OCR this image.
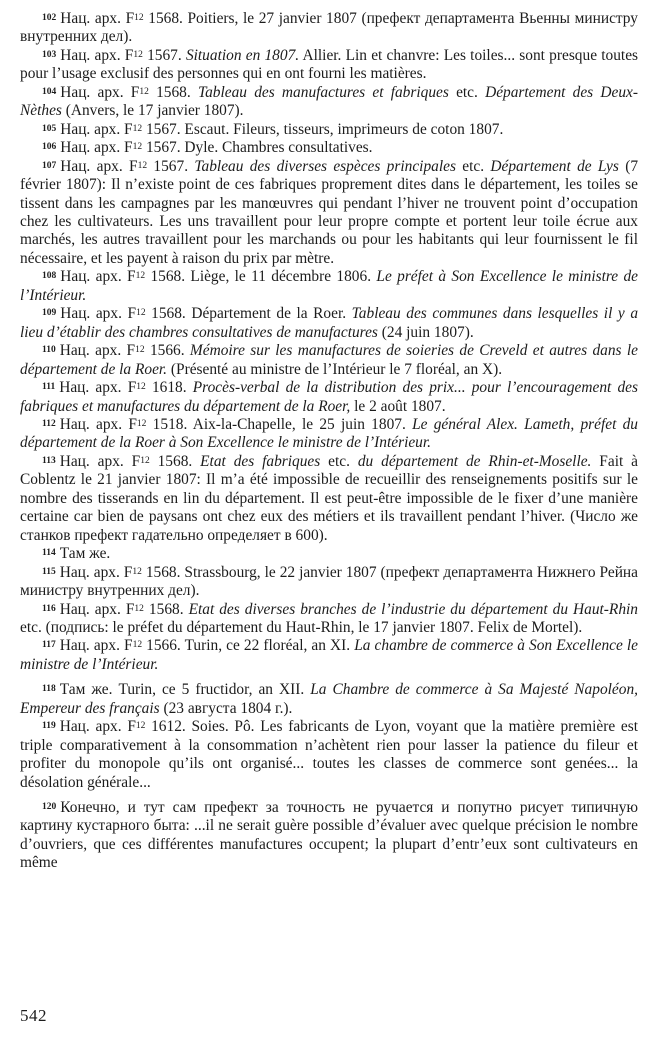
$^{102}$ Нац. арх. $F^{12}$ 1568. Poitiers, le 27 janvier 1807 (префект департамента Вьенны министру внутренних дел).

$^{103}$ Нац. арх. $F^{12}$ 1567. Situation en 1807. Allier. Lin et chanvre: Les toiles... sont presque toutes pour l’usage exclusif des personnes qui en ont fourni les matières.

$^{104}$ Нац. арх. $F^{12}$ 1568. Tableau des manufactures et fabriques etc. Département des Deux-Nèthes (Anvers, le 17 janvier 1807).

$^{105}$ Нац. арх. $F^{12}$ 1567. Escaut. Fileurs, tisseurs, imprimeurs de coton 1807.

$^{106}$ Нац. арх. $F^{12}$ 1567. Dyle. Chambres consultatives.

$^{107}$ Нац. арх. $F^{12}$ 1567. Tableau des diverses espèces principales etc. Département de Lys (7 février 1807): Il n’existe point de ces fabriques proprement dites dans le département, les toiles se tissent dans les campagnes par les manœuvres qui pendant l’hiver ne trouvent point d’occupation chez les cultivateurs. Les uns travaillent pour leur propre compte et portent leur toile écrue aux marchés, les autres travaillent pour les marchands ou pour les habitants qui leur fournissent le fil nécessaire, et les payent à raison du prix par mètre.

$^{108}$ Нац. арх. $F^{12}$ 1568. Liège, le 11 décembre 1806. Le préfet à Son Excellence le ministre de l’Intérieur.

$^{109}$ Нац. арх. $F^{12}$ 1568. Département de la Roer. Tableau des communes dans lesquelles il y a lieu d’établir des chambres consultatives de manufactures (24 juin 1807).

$^{110}$ Нац. арх. $F^{12}$ 1566. Mémoire sur les manufactures de soieries de Creveld et autres dans le département de la Roer. (Présenté au ministre de l’Intérieur le 7 floréal, an X).

$^{111}$ Нац. арх. $F^{12}$ 1618. Procès-verbal de la distribution des prix... pour l’encouragement des fabriques et manufactures du département de la Roer, le 2 août 1807.

$^{112}$ Нац. арх. $F^{12}$ 1518. Aix-la-Chapelle, le 25 juin 1807. Le général Alex. Lameth, préfet du département de la Roer à Son Excellence le ministre de l’Intérieur.

$^{113}$ Нац. арх. $F^{12}$ 1568. Etat des fabriques etc. du département de Rhin-et-Moselle. Fait à Coblentz le 21 janvier 1807: Il m’a été impossible de recueillir des renseignements positifs sur le nombre des tisserands en lin du département. Il est peut-être impossible de le fixer d’une manière certaine car bien de paysans ont chez eux des métiers et ils travaillent pendant l’hiver. (Число же станков префект гадательно определяет в 600).

$^{114}$ Там же.

$^{115}$ Нац. арх. $F^{12}$ 1568. Strassbourg, le 22 janvier 1807 (префект департамента Нижнего Рейна министру внутренних дел).

$^{116}$ Нац. арх. $F^{12}$ 1568. Etat des diverses branches de l’industrie du département du Haut-Rhin etc. (подпись: le préfet du département du Haut-Rhin, le 17 janvier 1807. Felix de Mortel).

$^{117}$ Нац. арх. $F^{12}$ 1566. Turin, ce 22 floréal, an XI. La chambre de commerce à Son Excellence le ministre de l’Intérieur.

$^{118}$ Там же. Turin, ce 5 fructidor, an XII. La Chambre de commerce à Sa Majesté Napoléon, Empereur des français (23 августа 1804 г.).

$^{119}$ Нац. арх. $F^{12}$ 1612. Soies. Pô. Les fabricants de Lyon, voyant que la matière première est triple comparativement à la consommation n’achètent rien pour lasser la patience du fileur et profiter du monopole qu’ils ont organisé... toutes les classes de commerce sont genées... la désolation générale...

$^{120}$ Конечно, и тут сам префект за точность не ручается и попутно рисует типичную картину кустарного быта: ...il ne serait guère possible d’évaluer avec quelque précision le nombre d’ouvriers, que ces différentes manufactures occupent; la plupart d’entr’eux sont cultivateurs en même

542
